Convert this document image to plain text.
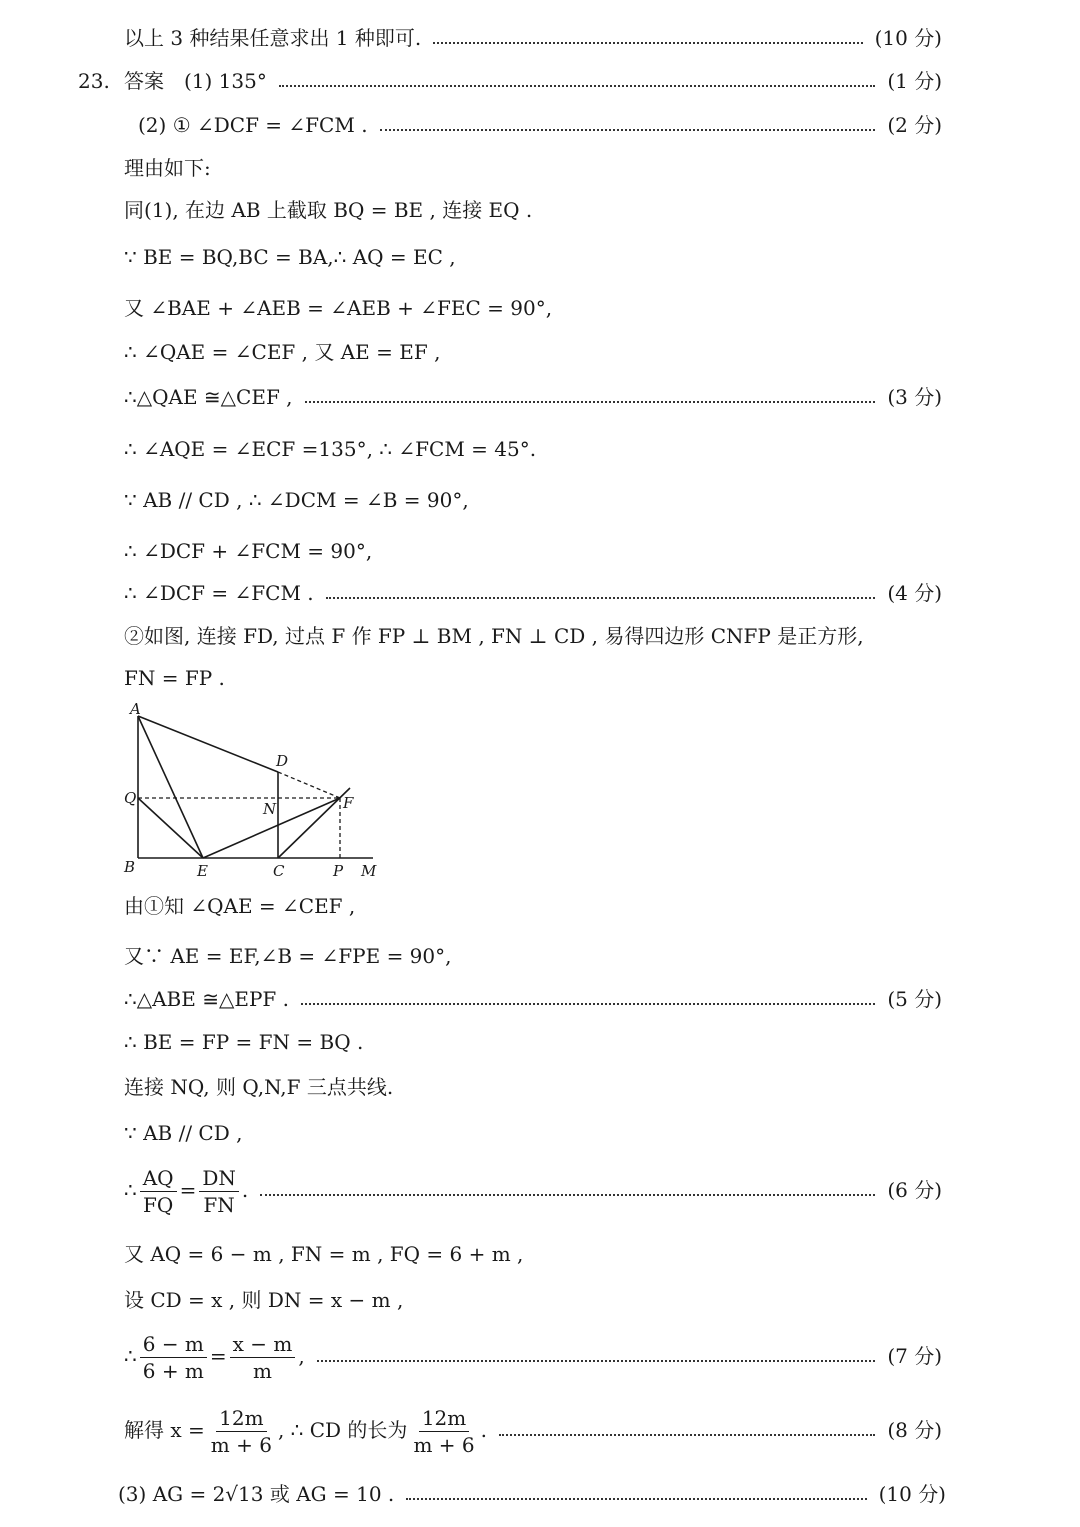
以上 3 种结果任意求出 1 种即可.	(10 分)
23. 答案　(1) 135°	(1 分)
(2) ① ∠DCF = ∠FCM .	(2 分)
理由如下:
同(1), 在边 AB 上截取 BQ = BE , 连接 EQ .
∵ BE = BQ,BC = BA,∴ AQ = EC ,
又 ∠BAE + ∠AEB = ∠AEB + ∠FEC = 90°,
∴ ∠QAE = ∠CEF , 又 AE = EF ,
∴△QAE ≅△CEF ,	(3 分)
∴ ∠AQE = ∠ECF =135°, ∴ ∠FCM = 45°.
∵ AB // CD , ∴ ∠DCM = ∠B = 90°,
∴ ∠DCF + ∠FCM = 90°,
∴ ∠DCF = ∠FCM .	(4 分)
②如图, 连接 FD, 过点 F 作 FP ⊥ BM , FN ⊥ CD , 易得四边形 CNFP 是正方形,
FN = FP .
A
B	C
D
E
F
M
N
P
Q
由①知 ∠QAE = ∠CEF ,
又∵ AE = EF,∠B = ∠FPE = 90°,
∴△ABE ≅△EPF .	(5 分)
∴ BE = FP = FN = BQ .
连接 NQ, 则 Q,N,F 三点共线.
∵ AB // CD ,
∴ $\frac{AQ}{FQ} = \frac{DN}{FN}$ .	(6 分)
又 AQ = 6 − m , FN = m , FQ = 6 + m ,
设 CD = x , 则 DN = x − m ,
∴ $\frac{6 - m}{6 + m} = \frac{x - m}{m}$ ,	(7 分)
解得 $x = \frac{12m}{m + 6}$ , ∴ CD 的长为 $\frac{12m}{m + 6}$ .	(8 分)
(3) AG = 2√13 或 AG = 10 .	(10 分)
